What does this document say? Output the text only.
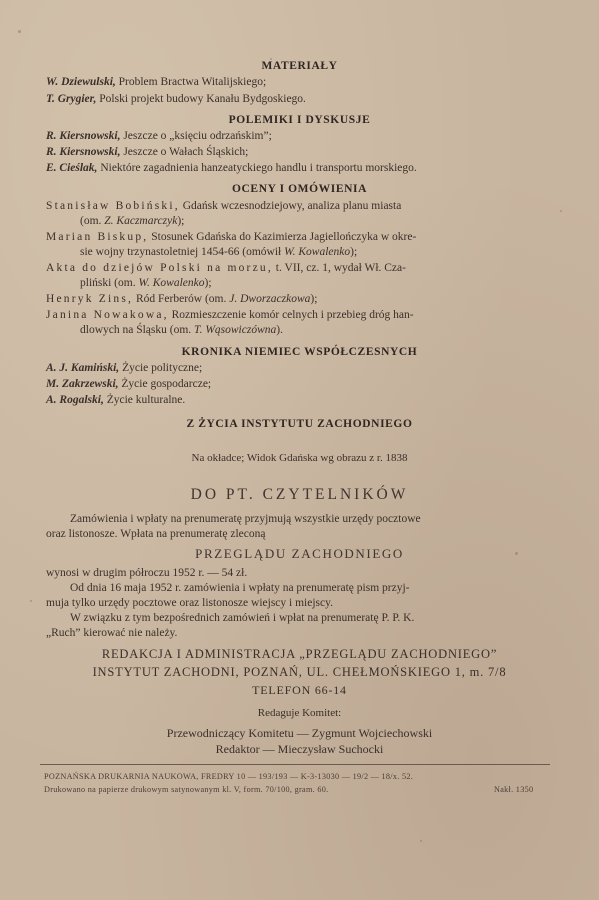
MATERIAŁY
W. Dziewulski, Problem Bractwa Witalijskiego;
T. Grygier, Polski projekt budowy Kanału Bydgoskiego.
POLEMIKI I DYSKUSJE
R. Kiersnowski, Jeszcze o „księciu odrzańskim”;
R. Kiersnowski, Jeszcze o Wałach Śląskich;
E. Cieślak, Niektóre zagadnienia hanzeatyckiego handlu i transportu morskiego.
OCENY I OMÓWIENIA
Stanisław Bobiński, Gdańsk wczesnodziejowy, analiza planu miasta
(om. Z. Kaczmarczyk);
Marian Biskup, Stosunek Gdańska do Kazimierza Jagiellończyka w okre-
sie wojny trzynastoletniej 1454-66 (omówił W. Kowalenko);
Akta do dziejów Polski na morzu, t. VII, cz. 1, wydał Wł. Cza-
pliński (om. W. Kowalenko);
Henryk Zins, Ród Ferberów (om. J. Dworzaczkowa);
Janina Nowakowa, Rozmieszczenie komór celnych i przebieg dróg han-
dlowych na Śląsku (om. T. Wąsowiczówna).
KRONIKA NIEMIEC WSPÓŁCZESNYCH
A. J. Kamiński, Życie polityczne;
M. Zakrzewski, Życie gospodarcze;
A. Rogalski, Życie kulturalne.
Z ŻYCIA INSTYTUTU ZACHODNIEGO
Na okładce; Widok Gdańska wg obrazu z r. 1838
DO PT. CZYTELNIKÓW
Zamówienia i wpłaty na prenumeratę przyjmują wszystkie urzędy pocztowe
oraz listonosze. Wpłata na prenumeratę zleconą
PRZEGLĄDU ZACHODNIEGO
wynosi w drugim półroczu 1952 r. — 54 zł.
Od dnia 16 maja 1952 r. zamówienia i wpłaty na prenumeratę pism przyj-
muja tylko urzędy pocztowe oraz listonosze wiejscy i miejscy.
W związku z tym bezpośrednich zamówień i wpłat na prenumeratę P. P. K.
„Ruch” kierować nie należy.
REDAKCJA I ADMINISTRACJA „PRZEGLĄDU ZACHODNIEGO”
INSTYTUT ZACHODNI, POZNAŃ, UL. CHEŁMOŃSKIEGO 1, m. 7/8
TELEFON 66-14
Redaguje Komitet:
Przewodniczący Komitetu — Zygmunt Wojciechowski
Redaktor — Mieczysław Suchocki
POZNAŃSKA DRUKARNIA NAUKOWA, FREDRY 10 — 193/193 — K-3-13030 — 19/2 — 18/x. 52.
Drukowano na papierze drukowym satynowanym kl. V, form. 70/100, gram. 60.	Nakł. 1350
